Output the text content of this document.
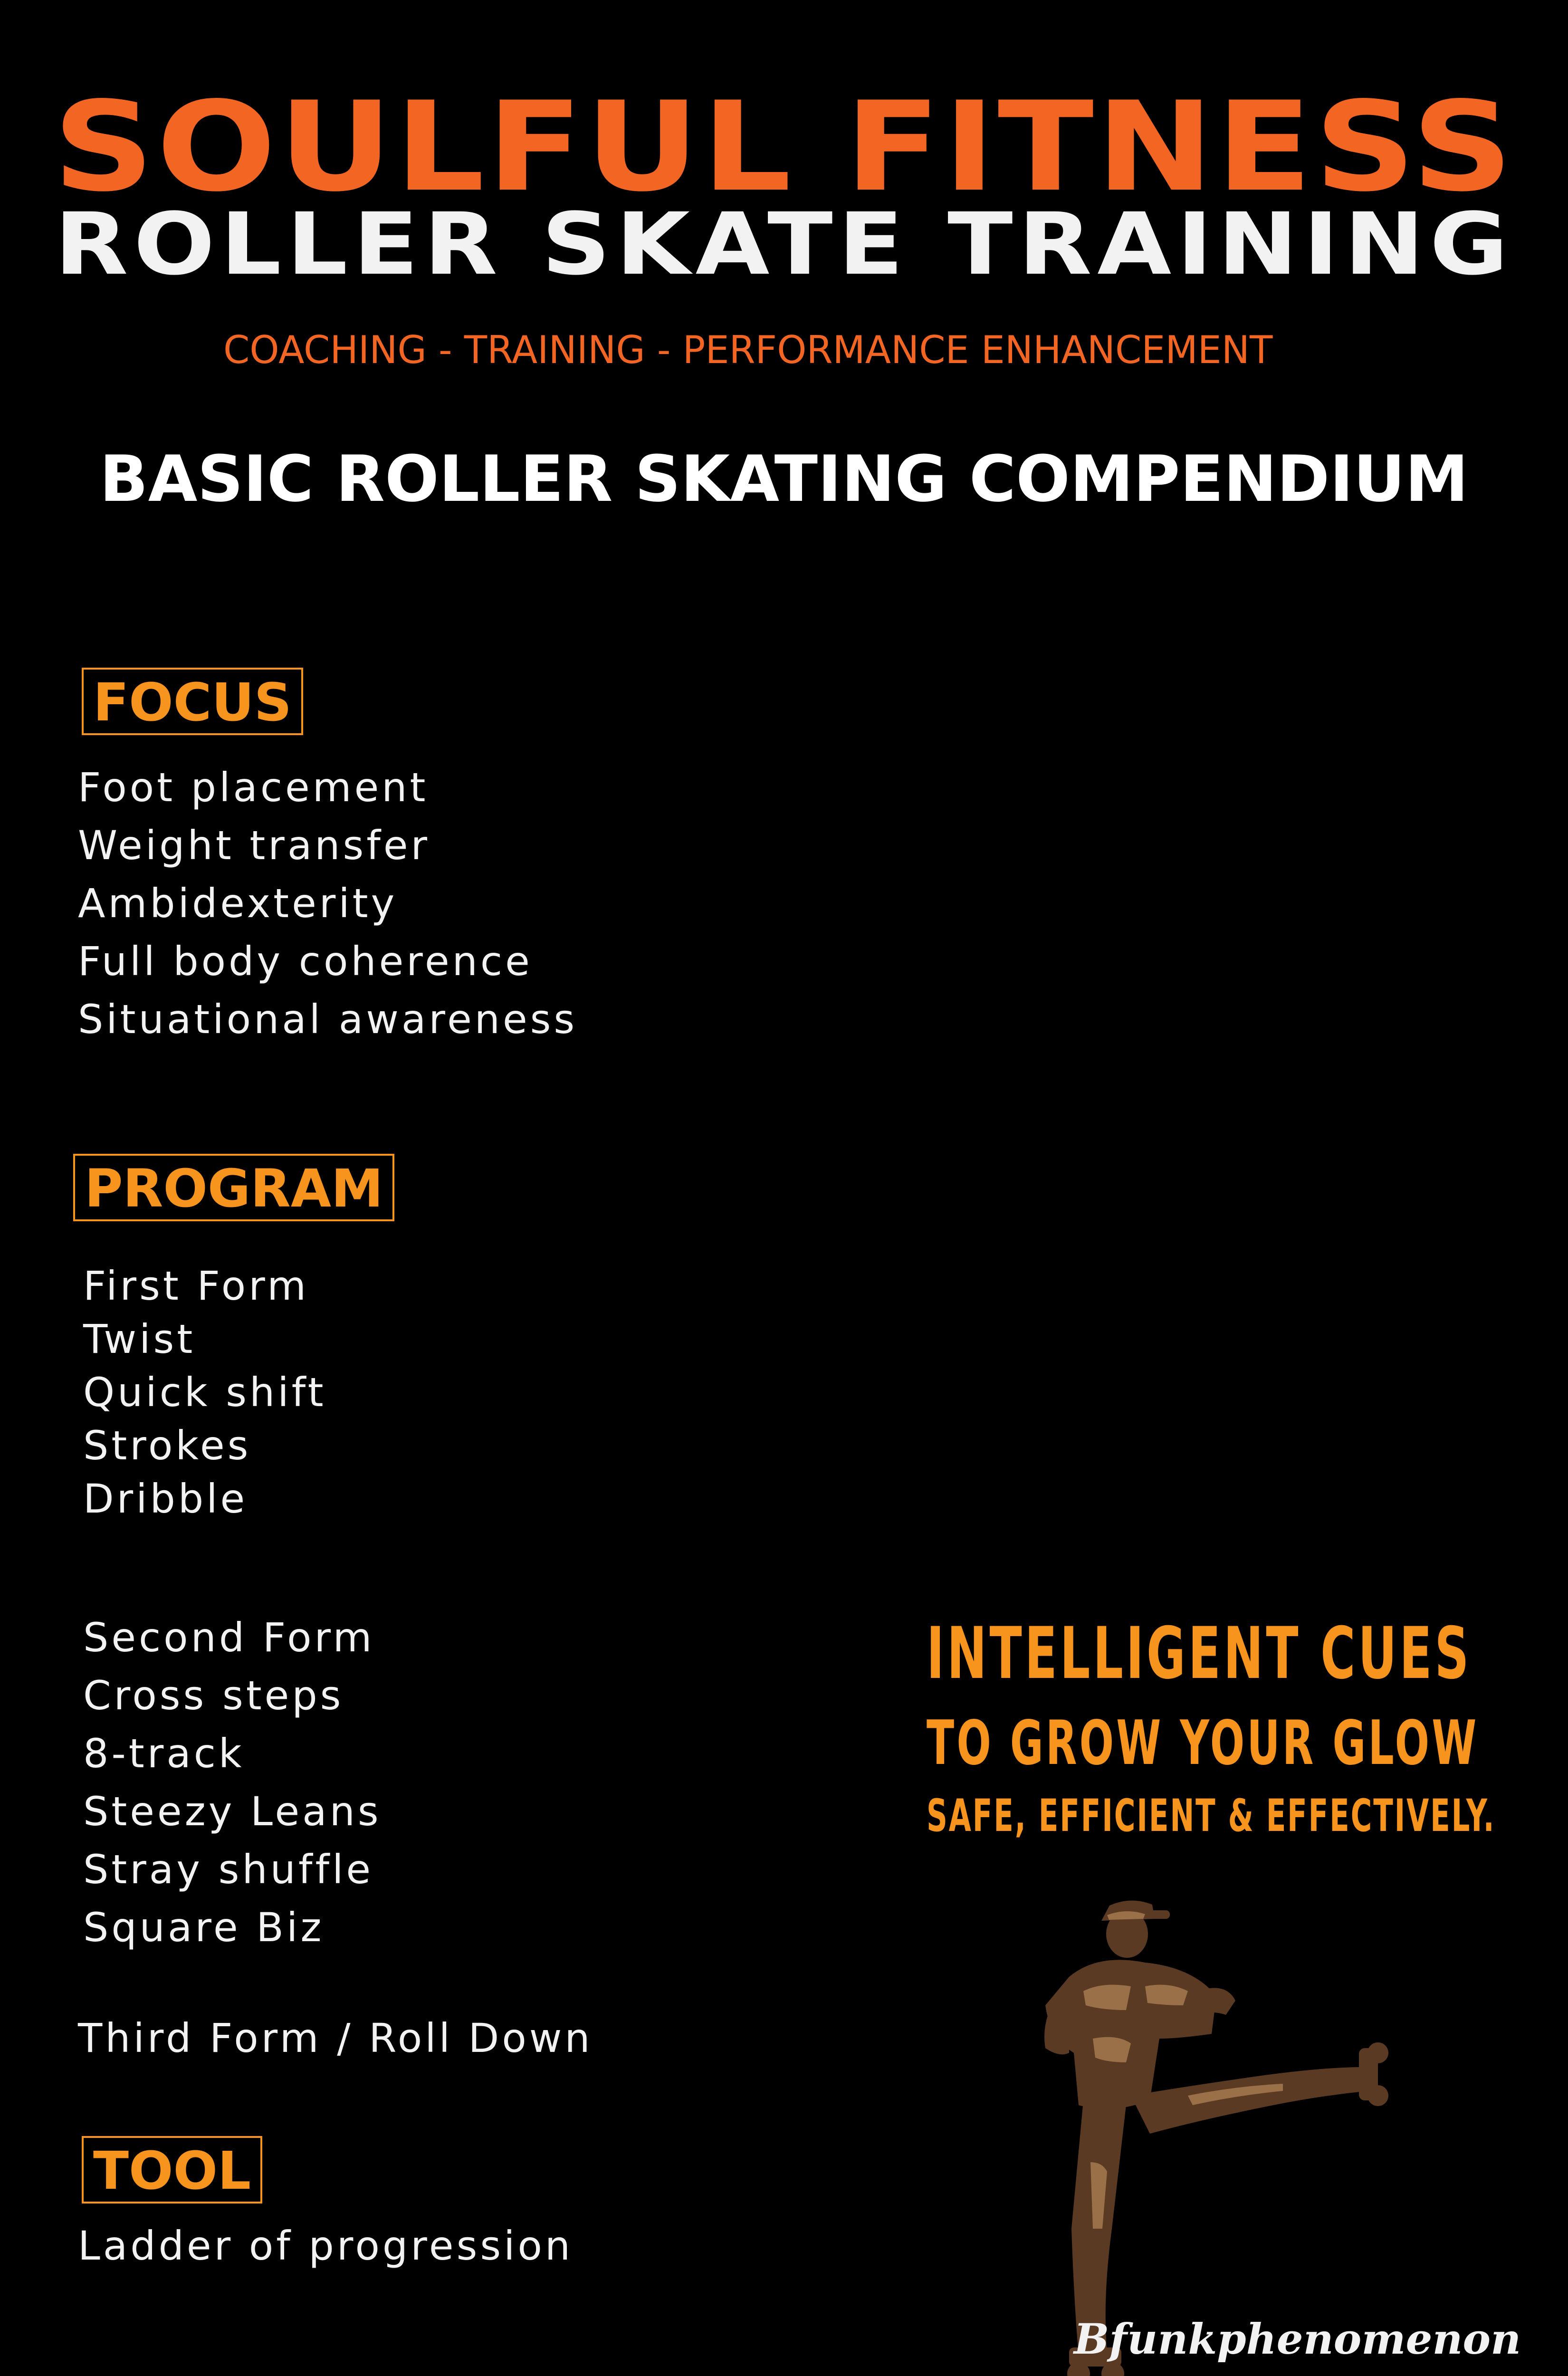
SOULFUL FITNESS
ROLLER SKATE TRAINING
COACHING - TRAINING - PERFORMANCE ENHANCEMENT
BASIC ROLLER SKATING COMPENDIUM
FOCUS
Foot placement
Weight transfer
Ambidexterity
Full body coherence
Situational awareness
PROGRAM
First Form
Twist
Quick shift
Strokes
Dribble
Second Form
Cross steps
8-track
Steezy Leans
Stray shuffle
Square Biz
Third Form / Roll Down
TOOL
Ladder of progression
INTELLIGENT CUES
TO GROW YOUR GLOW
SAFE, EFFICIENT & EFFECTIVELY.
Bfunkphenomenon
